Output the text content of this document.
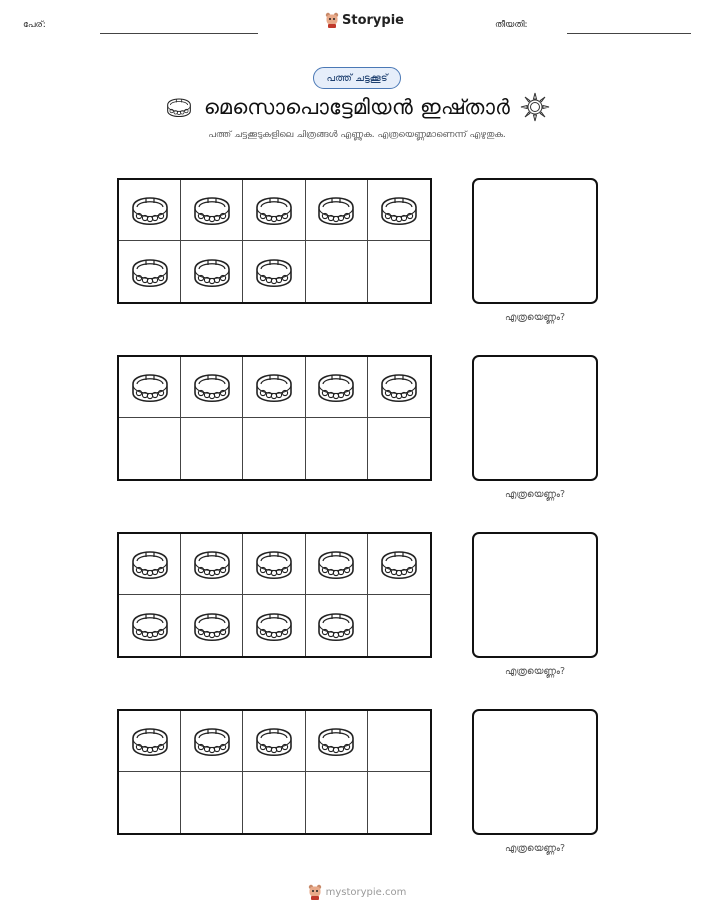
പേര്:	Storypie	തീയതി:
പത്ത് ചട്ടക്കൂട്
മെസൊപൊട്ടേമിയൻ ഇഷ്താർ
പത്ത് ചട്ടക്കൂടുകളിലെ ചിത്രങ്ങൾ എണ്ണുക. എത്രയെണ്ണമാണെന്ന് എഴുതുക.
എത്രയെണ്ണം?
എത്രയെണ്ണം?
എത്രയെണ്ണം?
എത്രയെണ്ണം?
mystorypie.com
